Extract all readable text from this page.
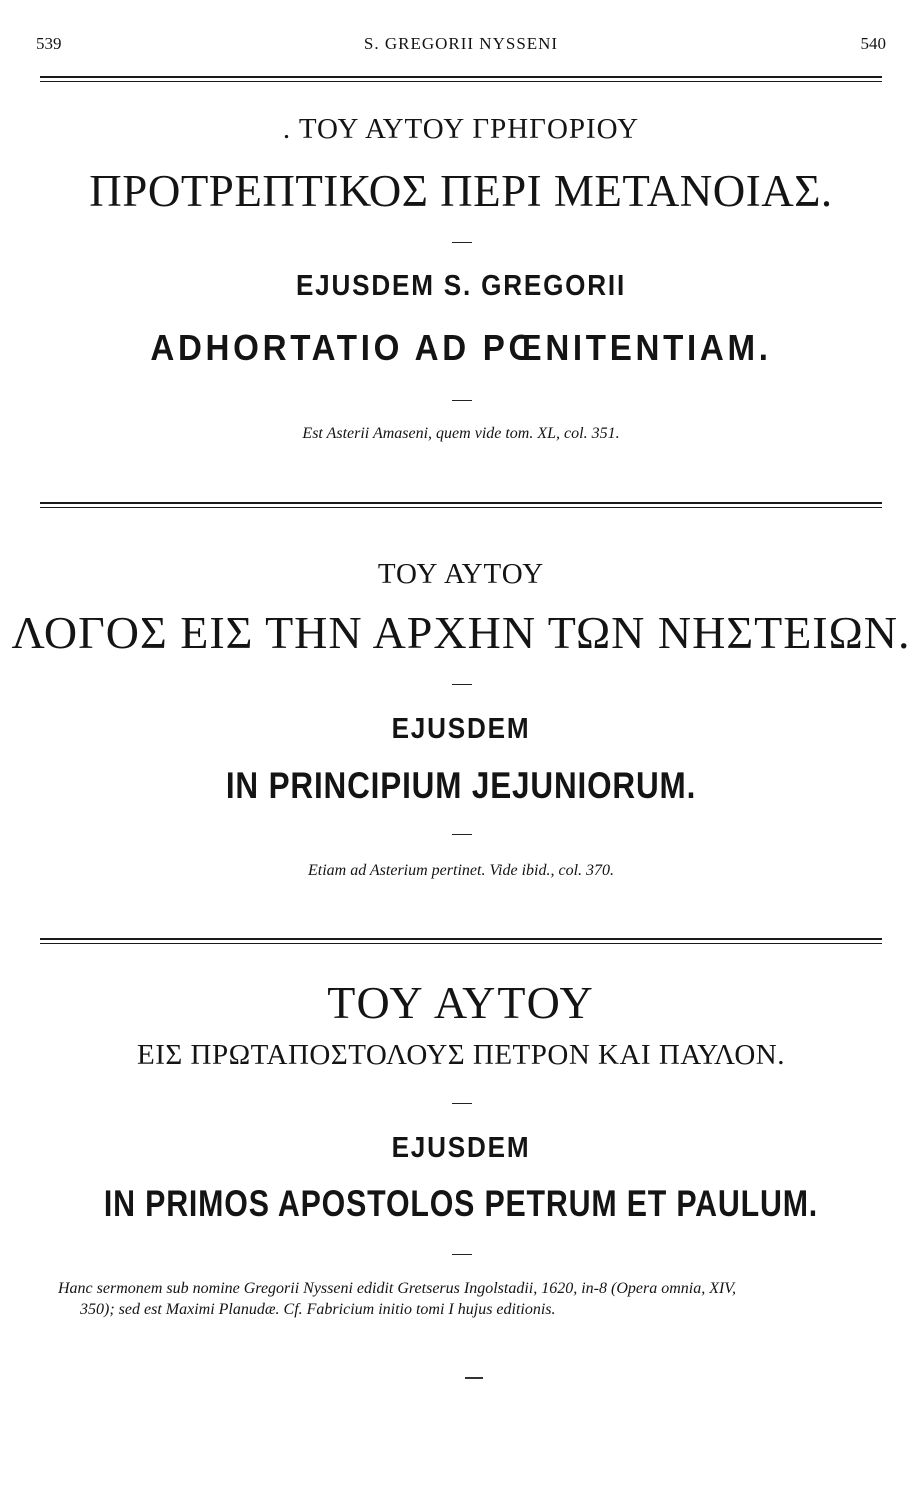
539	S. GREGORII NYSSENI	540
. ΤΟΥ ΑΥΤΟΥ ΓΡΗΓΟΡΙΟΥ
ΠΡΟΤΡΕΠΤΙΚΟΣ ΠΕΡΙ ΜΕΤΑΝΟΙΑΣ.
EJUSDEM S. GREGORII
ADHORTATIO AD PŒNITENTIAM.
Est Asterii Amaseni, quem vide tom. XL, col. 351.
ΤΟΥ ΑΥΤΟΥ
ΛΟΓΟΣ ΕΙΣ ΤΗΝ ΑΡΧΗΝ ΤΩΝ ΝΗΣΤΕΙΩΝ.
EJUSDEM
IN PRINCIPIUM JEJUNIORUM.
Etiam ad Asterium pertinet. Vide ibid., col. 370.
ΤΟΥ ΑΥΤΟΥ
ΕΙΣ ΠΡΩΤΑΠΟΣΤΟΛΟΥΣ ΠΕΤΡΟΝ ΚΑΙ ΠΑΥΛΟΝ.
EJUSDEM
IN PRIMOS APOSTOLOS PETRUM ET PAULUM.
Hanc sermonem sub nomine Gregorii Nysseni edidit Gretserus Ingolstadii, 1620, in-8 (Opera omnia, XIV,
350); sed est Maximi Planudæ. Cf. Fabricium initio tomi I hujus editionis.
